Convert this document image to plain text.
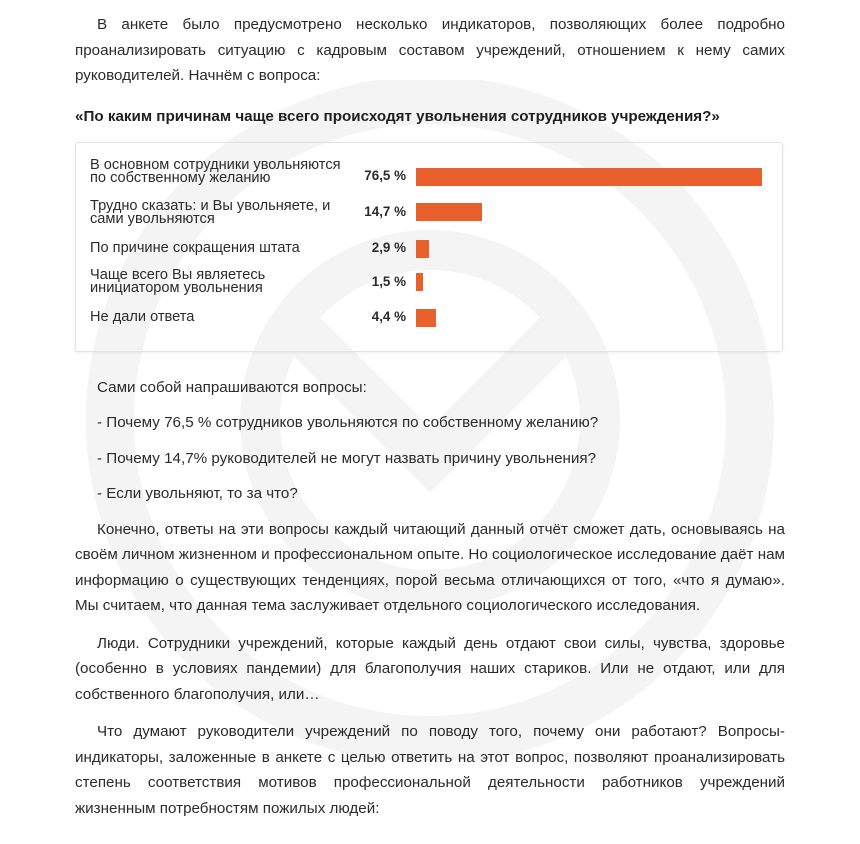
В анкете было предусмотрено несколько индикаторов, позволяющих более подробно проанализировать ситуацию с кадровым составом учреждений, отношением к нему самих руководителей. Начнём с вопроса:

«По каким причинам чаще всего происходят увольнения сотрудников учреждения?»

В основном сотрудники увольняются по собственному желанию	76,5 %
Трудно сказать: и Вы увольняете, и сами увольняются	14,7 %
По причине сокращения штата	2,9 %
Чаще всего Вы являетесь инициатором увольнения	1,5 %
Не дали ответа	4,4 %

Сами собой напрашиваются вопросы:

- Почему 76,5 % сотрудников увольняются по собственному желанию?

- Почему 14,7% руководителей не могут назвать причину увольнения?

- Если увольняют, то за что?

Конечно, ответы на эти вопросы каждый читающий данный отчёт сможет дать, основываясь на своём личном жизненном и профессиональном опыте. Но социологическое исследование даёт нам информацию о существующих тенденциях, порой весьма отличающихся от того, «что я думаю». Мы считаем, что данная тема заслуживает отдельного социологического исследования.

Люди. Сотрудники учреждений, которые каждый день отдают свои силы, чувства, здоровье (особенно в условиях пандемии) для благополучия наших стариков. Или не отдают, или для собственного благополучия, или…

Что думают руководители учреждений по поводу того, почему они работают? Вопросы-индикаторы, заложенные в анкете с целью ответить на этот вопрос, позволяют проанализировать степень соответствия мотивов профессиональной деятельности работников учреждений жизненным потребностям пожилых людей:
